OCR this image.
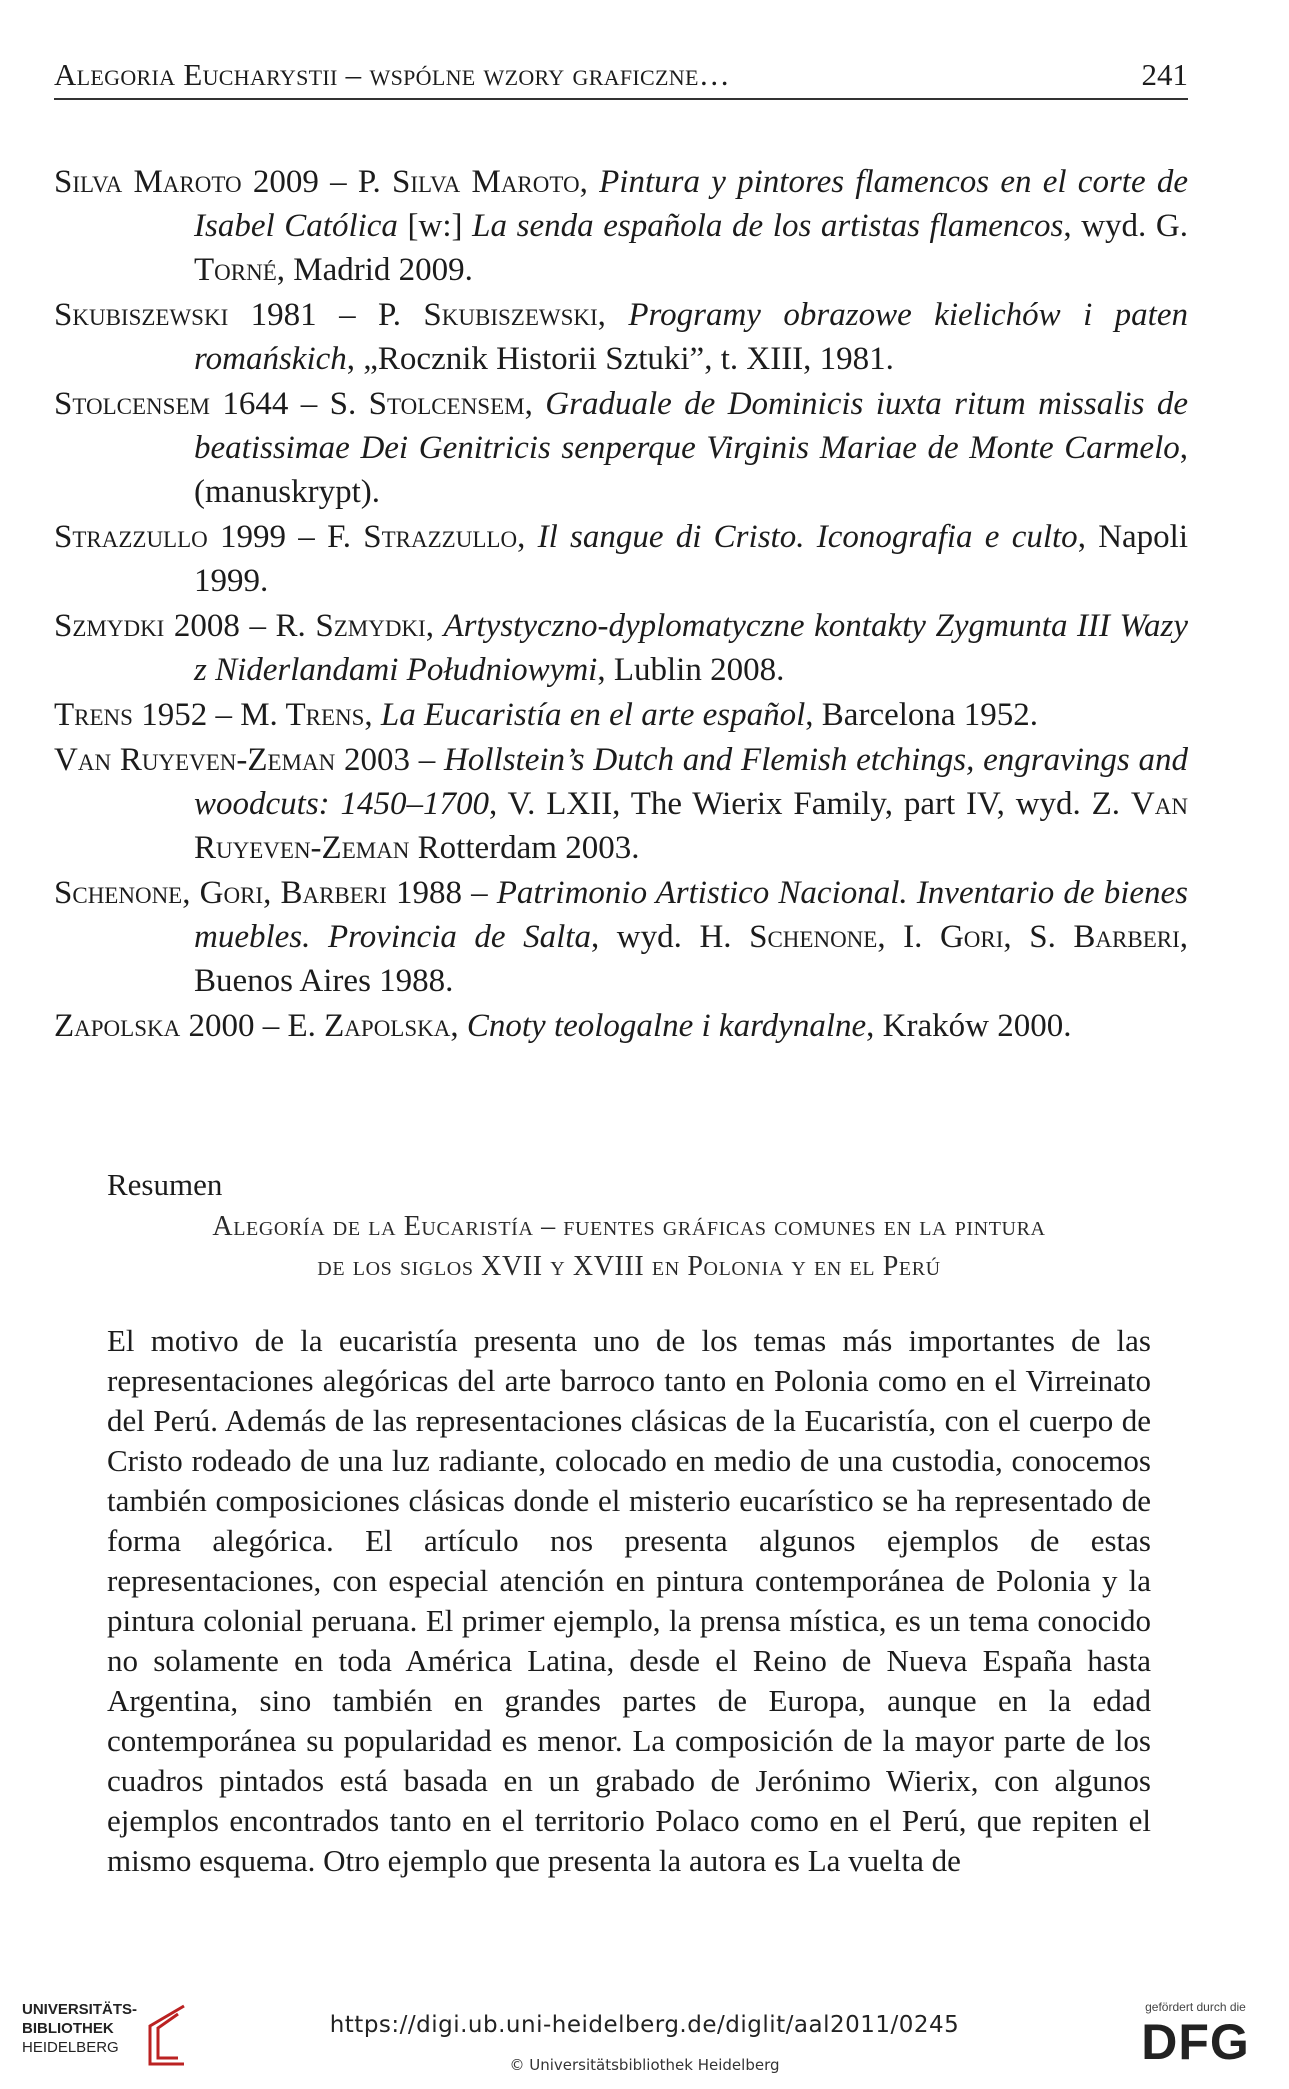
Alegoria Eucharystii – wspólne wzory graficzne…	241

Silva Maroto 2009 – P. Silva Maroto, Pintura y pintores flamencos en el corte de Isabel Católica [w:] La senda española de los artistas flamencos, wyd. G. Torné, Madrid 2009.

Skubiszewski 1981 – P. Skubiszewski, Programy obrazowe kielichów i paten romańskich, „Rocznik Historii Sztuki”, t. XIII, 1981.

Stolcensem 1644 – S. Stolcensem, Graduale de Dominicis iuxta ritum missalis de beatissimae Dei Genitricis senperque Virginis Mariae de Monte Carmelo, (manuskrypt).

Strazzullo 1999 – F. Strazzullo, Il sangue di Cristo. Iconografia e culto, Napoli 1999.

Szmydki 2008 – R. Szmydki, Artystyczno-dyplomatyczne kontakty Zygmunta III Wazy z Niderlandami Południowymi, Lublin 2008.

Trens 1952 – M. Trens, La Eucaristía en el arte español, Barcelona 1952.

Van Ruyeven-Zeman 2003 – Hollstein’s Dutch and Flemish etchings, engravings and woodcuts: 1450–1700, V. LXII, The Wierix Family, part IV, wyd. Z. Van Ruyeven-Zeman Rotterdam 2003.

Schenone, Gori, Barberi 1988 – Patrimonio Artistico Nacional. Inventario de bienes muebles. Provincia de Salta, wyd. H. Schenone, I. Gori, S. Barberi, Buenos Aires 1988.

Zapolska 2000 – E. Zapolska, Cnoty teologalne i kardynalne, Kraków 2000.

Resumen
Alegoría de la Eucaristía – fuentes gráficas comunes en la pintura
de los siglos XVII y XVIII en Polonia y en el Perú
El motivo de la eucaristía presenta uno de los temas más importantes de las representaciones alegóricas del arte barroco tanto en Polonia como en el Virreinato del Perú. Además de las representaciones clásicas de la Eucaristía, con el cuerpo de Cristo rodeado de una luz radiante, colocado en medio de una custodia, conocemos también composiciones clásicas donde el misterio eucarístico se ha representado de forma alegórica. El artículo nos presenta algunos ejemplos de estas representaciones, con especial atención en pintura contemporánea de Polonia y la pintura colonial peruana. El primer ejemplo, la prensa mística, es un tema conocido no solamente en toda América Latina, desde el Reino de Nueva España hasta Argentina, sino también en grandes partes de Europa, aunque en la edad contemporánea su popularidad es menor. La composición de la mayor parte de los cuadros pintados está basada en un grabado de Jerónimo Wierix, con algunos ejemplos encontrados tanto en el territorio Polaco como en el Perú, que repiten el mismo esquema. Otro ejemplo que presenta la autora es La vuelta de
UNIVERSITÄTS-
BIBLIOTHEK
HEIDELBERG
https://digi.ub.uni-heidelberg.de/diglit/aal2011/0245
© Universitätsbibliothek Heidelberg
gefördert durch die
DFG
